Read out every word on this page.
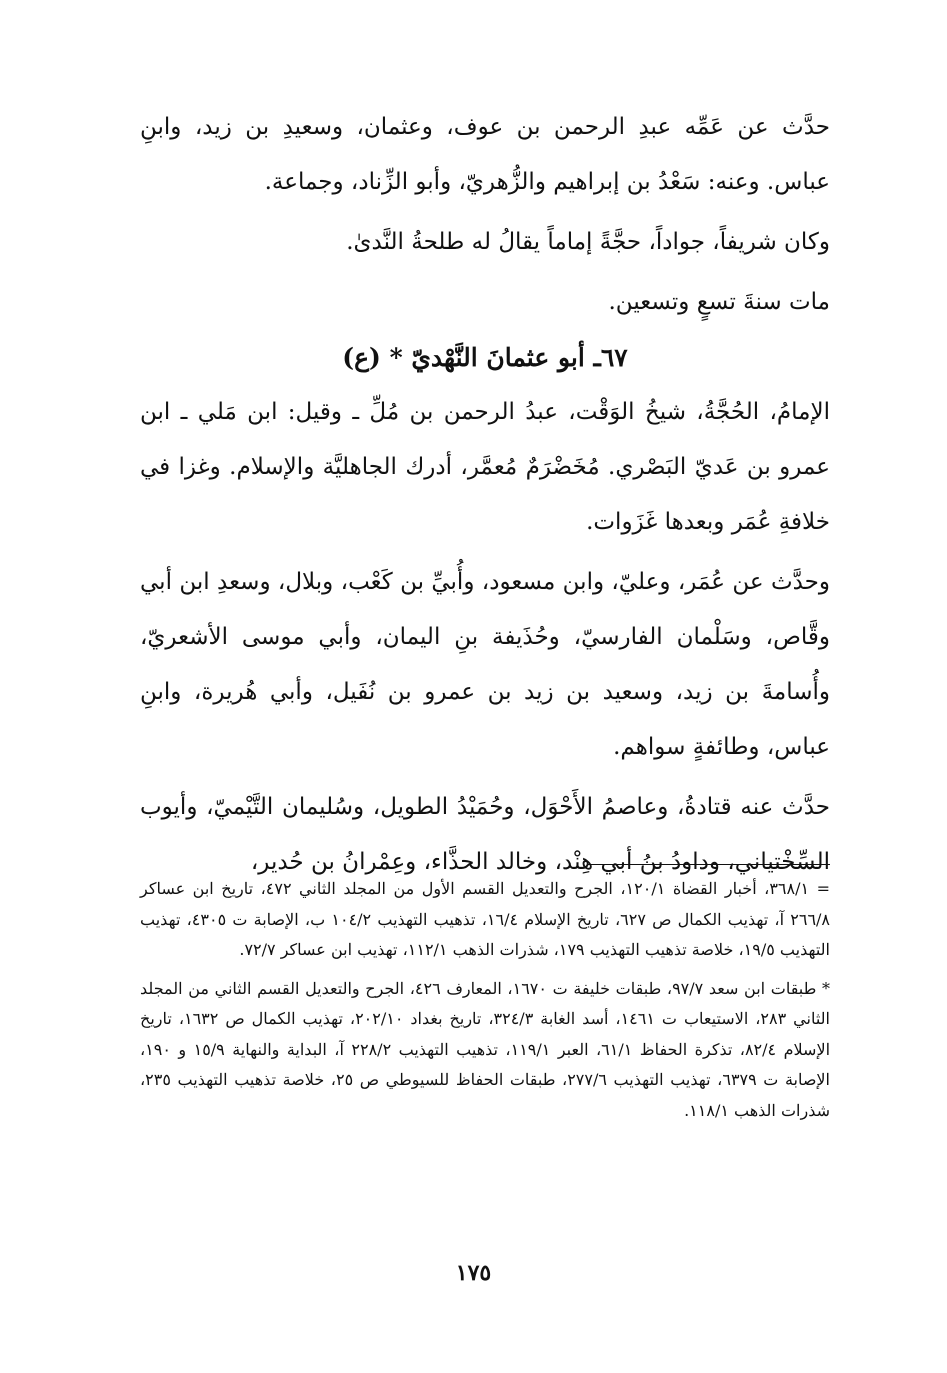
حدَّث عن عَمِّه عبدِ الرحمن بن عوف، وعثمان، وسعيدِ بن زيد، وابنِ عباس. وعنه: سَعْدُ بن إبراهيم والزُّهريّ، وأبو الزِّناد، وجماعة.

وكان شريفاً، جواداً، حجَّةً إماماً يقالُ له طلحةُ النَّدىٰ.

مات سنةَ تسعٍ وتسعين.

٦٧ـ أبو عثمانَ النَّهْديّ * (ع)

الإمامُ، الحُجَّةُ، شيخُ الوَقْت، عبدُ الرحمن بن مُلِّ ـ وقيل: ابن مَلي ـ ابن عمرو بن عَديّ البَصْري. مُخَضْرَمٌ مُعمَّر، أدرك الجاهليَّة والإسلام. وغزا في خلافةِ عُمَر وبعدها غَزَوات.

وحدَّث عن عُمَر، وعليّ، وابن مسعود، وأُبيِّ بن كَعْب، وبلال، وسعدِ ابن أبي وقَّاص، وسَلْمان الفارسيّ، وحُذَيفة بنِ اليمان، وأبي موسى الأشعريّ، وأُسامةَ بن زيد، وسعيد بن زيد بن عمرو بن نُفَيل، وأبي هُريرة، وابنِ عباس، وطائفةٍ سواهم.

حدَّث عنه قتادةُ، وعاصمُ الأَحْوَل، وحُمَيْدُ الطويل، وسُليمان التَّيْميّ، وأيوب السِّخْتياني، وداودُ بنُ أبي هِنْد، وخالد الحذَّاء، وعِمْرانُ بن حُدير،

= ٣٦٨/١، أخبار القضاة ١٢٠/١، الجرح والتعديل القسم الأول من المجلد الثاني ٤٧٢، تاريخ ابن عساكر ٢٦٦/٨ آ، تهذيب الكمال ص ٦٢٧، تاريخ الإسلام ١٦/٤، تذهيب التهذيب ١٠٤/٢ ب، الإصابة ت ٤٣٠٥، تهذيب التهذيب ١٩/٥، خلاصة تذهيب التهذيب ١٧٩، شذرات الذهب ١١٢/١، تهذيب ابن عساكر ٧٢/٧.

* طبقات ابن سعد ٩٧/٧، طبقات خليفة ت ١٦٧٠، المعارف ٤٢٦، الجرح والتعديل القسم الثاني من المجلد الثاني ٢٨٣، الاستيعاب ت ١٤٦١، أسد الغابة ٣٢٤/٣، تاريخ بغداد ٢٠٢/١٠، تهذيب الكمال ص ١٦٣٢، تاريخ الإسلام ٨٢/٤، تذكرة الحفاظ ٦١/١، العبر ١١٩/١، تذهيب التهذيب ٢٢٨/٢ آ، البداية والنهاية ١٥/٩ و ١٩٠، الإصابة ت ٦٣٧٩، تهذيب التهذيب ٢٧٧/٦، طبقات الحفاظ للسيوطي ص ٢٥، خلاصة تذهيب التهذيب ٢٣٥، شذرات الذهب ١١٨/١.

١٧٥
